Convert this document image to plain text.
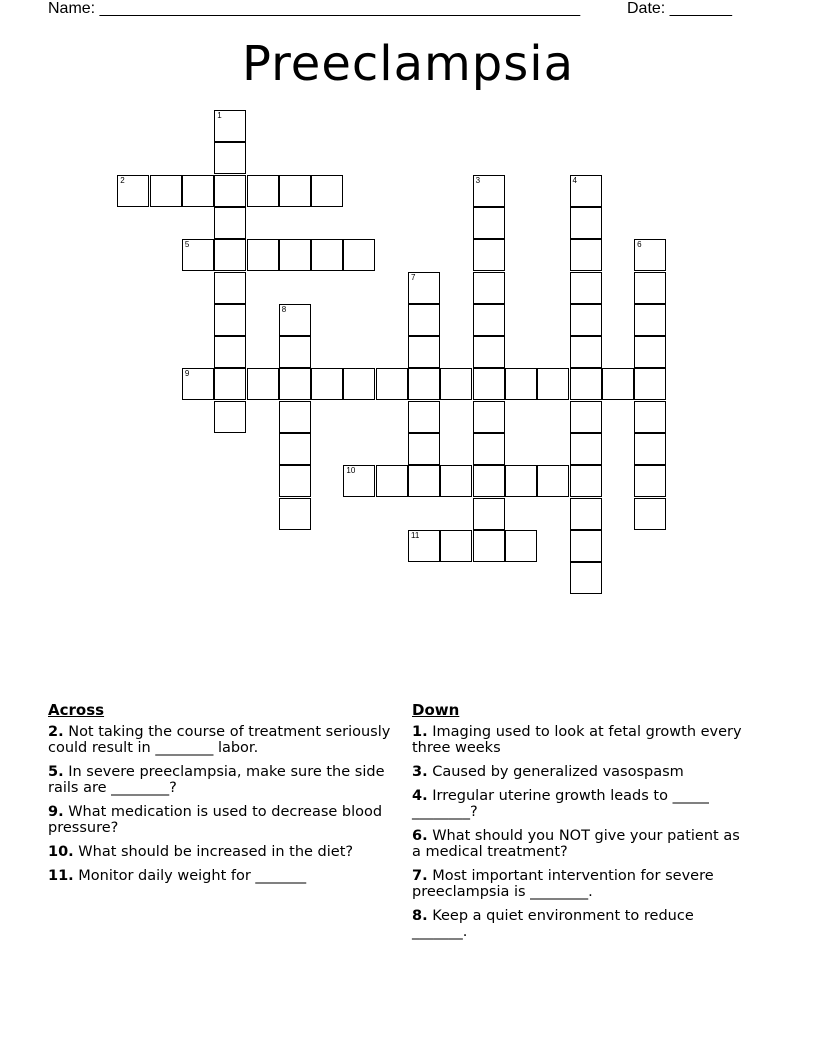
Name: ______________________________________________________	Date: _______
Preeclampsia
1
2	3	4
5	6
7
8
9
10
11
Across
2. Not taking the course of treatment seriously could result in ________ labor.
5. In severe preeclampsia, make sure the side rails are ________?
9. What medication is used to decrease blood pressure?
10. What should be increased in the diet?
11. Monitor daily weight for _______
Down
1. Imaging used to look at fetal growth every three weeks
3. Caused by generalized vasospasm
4. Irregular uterine growth leads to _____ ________?
6. What should you NOT give your patient as a medical treatment?
7. Most important intervention for severe preeclampsia is ________.
8. Keep a quiet environment to reduce _______.
